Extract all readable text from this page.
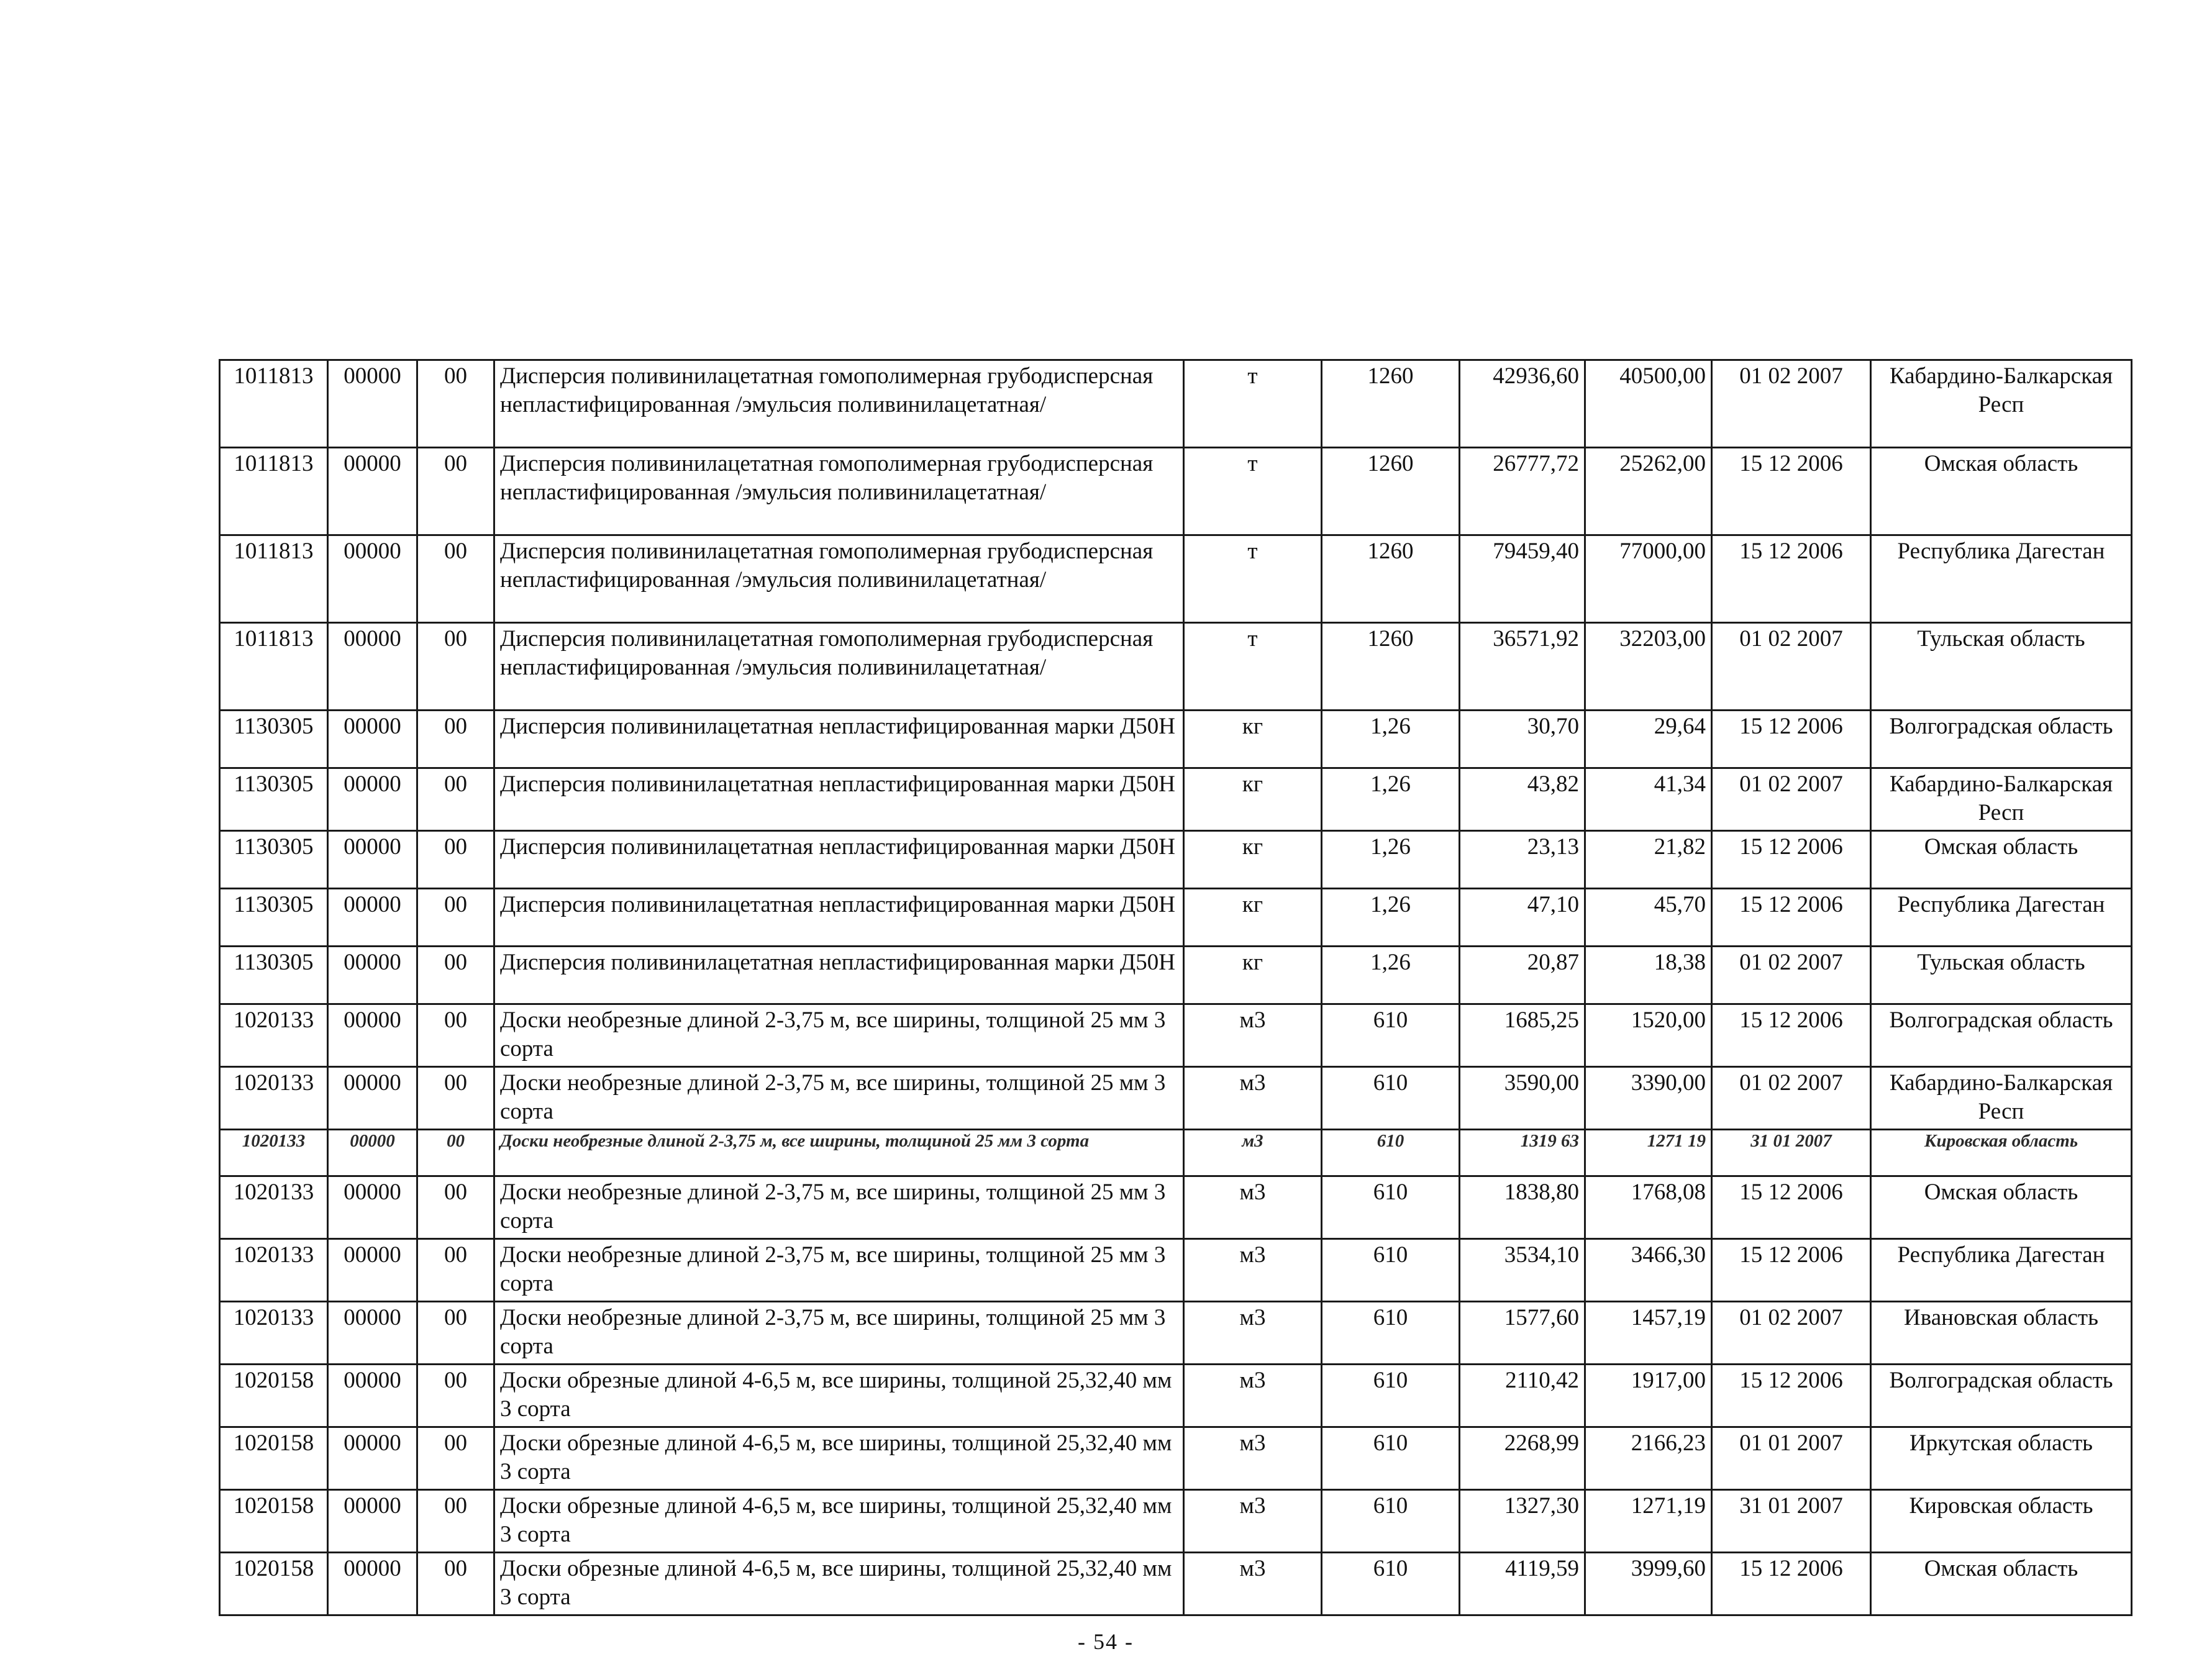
1011813	00000	00	Дисперсия поливинилацетатная гомополимерная грубодисперсная непластифицированная /эмульсия поливинилацетатная/	т	1260	42936,60	40500,00	01 02 2007	Кабардино-Балкарская Респ
1011813	00000	00	Дисперсия поливинилацетатная гомополимерная грубодисперсная непластифицированная /эмульсия поливинилацетатная/	т	1260	26777,72	25262,00	15 12 2006	Омская область
1011813	00000	00	Дисперсия поливинилацетатная гомополимерная грубодисперсная непластифицированная /эмульсия поливинилацетатная/	т	1260	79459,40	77000,00	15 12 2006	Республика Дагестан
1011813	00000	00	Дисперсия поливинилацетатная гомополимерная грубодисперсная непластифицированная /эмульсия поливинилацетатная/	т	1260	36571,92	32203,00	01 02 2007	Тульская область
1130305	00000	00	Дисперсия поливинилацетатная непластифицированная марки Д50Н	кг	1,26	30,70	29,64	15 12 2006	Волгоградская область
1130305	00000	00	Дисперсия поливинилацетатная непластифицированная марки Д50Н	кг	1,26	43,82	41,34	01 02 2007	Кабардино-Балкарская Респ
1130305	00000	00	Дисперсия поливинилацетатная непластифицированная марки Д50Н	кг	1,26	23,13	21,82	15 12 2006	Омская область
1130305	00000	00	Дисперсия поливинилацетатная непластифицированная марки Д50Н	кг	1,26	47,10	45,70	15 12 2006	Республика Дагестан
1130305	00000	00	Дисперсия поливинилацетатная непластифицированная марки Д50Н	кг	1,26	20,87	18,38	01 02 2007	Тульская область
1020133	00000	00	Доски необрезные длиной 2-3,75 м, все ширины, толщиной 25 мм 3 сорта	м3	610	1685,25	1520,00	15 12 2006	Волгоградская область
1020133	00000	00	Доски необрезные длиной 2-3,75 м, все ширины, толщиной 25 мм 3 сорта	м3	610	3590,00	3390,00	01 02 2007	Кабардино-Балкарская Респ
1020133	00000	00	Доски необрезные длиной 2-3,75 м, все ширины, толщиной 25 мм 3 сорта	м3	610	1319 63	1271 19	31 01 2007	Кировская область
1020133	00000	00	Доски необрезные длиной 2-3,75 м, все ширины, толщиной 25 мм 3 сорта	м3	610	1838,80	1768,08	15 12 2006	Омская область
1020133	00000	00	Доски необрезные длиной 2-3,75 м, все ширины, толщиной 25 мм 3 сорта	м3	610	3534,10	3466,30	15 12 2006	Республика Дагестан
1020133	00000	00	Доски необрезные длиной 2-3,75 м, все ширины, толщиной 25 мм 3 сорта	м3	610	1577,60	1457,19	01 02 2007	Ивановская область
1020158	00000	00	Доски обрезные длиной 4-6,5 м, все ширины, толщиной 25,32,40 мм 3 сорта	м3	610	2110,42	1917,00	15 12 2006	Волгоградская область
1020158	00000	00	Доски обрезные длиной 4-6,5 м, все ширины, толщиной 25,32,40 мм 3 сорта	м3	610	2268,99	2166,23	01 01 2007	Иркутская область
1020158	00000	00	Доски обрезные длиной 4-6,5 м, все ширины, толщиной 25,32,40 мм 3 сорта	м3	610	1327,30	1271,19	31 01 2007	Кировская область
1020158	00000	00	Доски обрезные длиной 4-6,5 м, все ширины, толщиной 25,32,40 мм 3 сорта	м3	610	4119,59	3999,60	15 12 2006	Омская область
- 54 -
